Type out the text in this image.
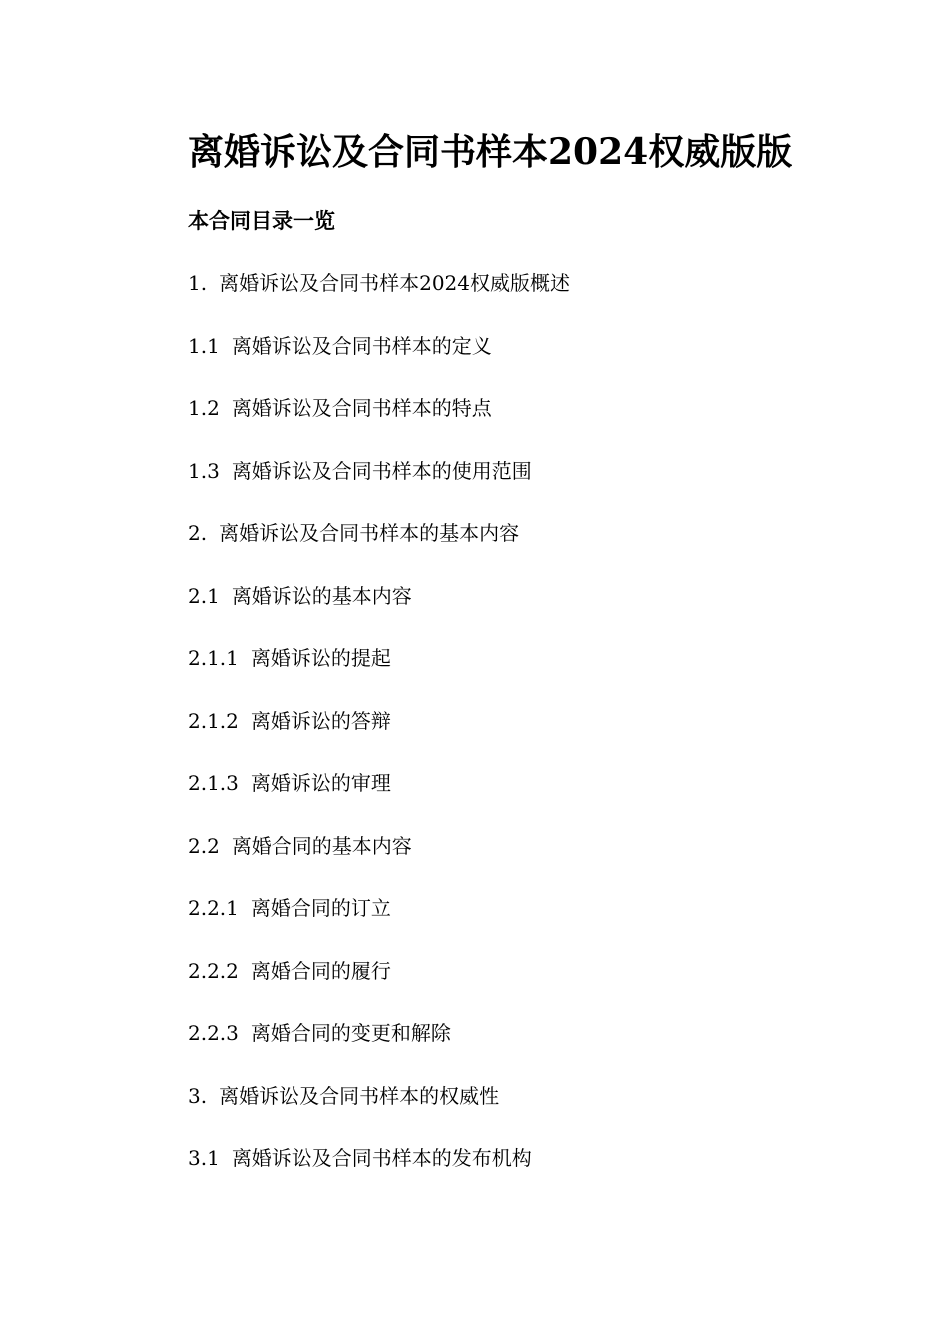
离婚诉讼及合同书样本2024权威版版
本合同目录一览
1. 离婚诉讼及合同书样本2024权威版概述
1.1 离婚诉讼及合同书样本的定义
1.2 离婚诉讼及合同书样本的特点
1.3 离婚诉讼及合同书样本的使用范围
2. 离婚诉讼及合同书样本的基本内容
2.1 离婚诉讼的基本内容
2.1.1 离婚诉讼的提起
2.1.2 离婚诉讼的答辩
2.1.3 离婚诉讼的审理
2.2 离婚合同的基本内容
2.2.1 离婚合同的订立
2.2.2 离婚合同的履行
2.2.3 离婚合同的变更和解除
3. 离婚诉讼及合同书样本的权威性
3.1 离婚诉讼及合同书样本的发布机构
